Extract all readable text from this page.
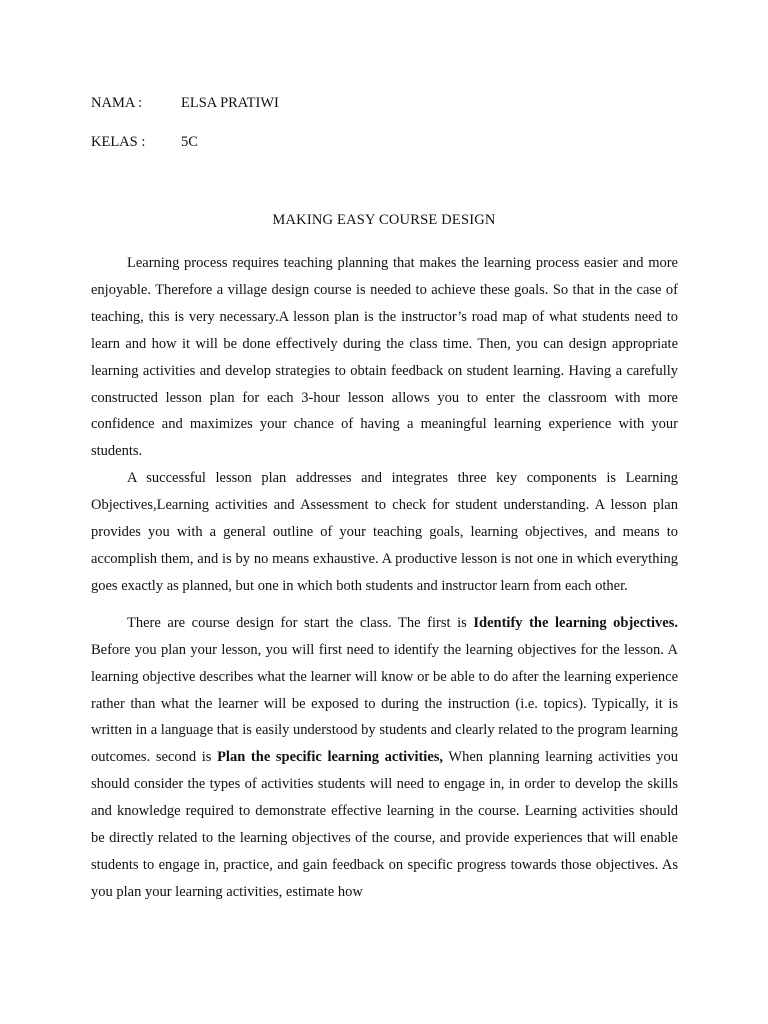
NAMA :	ELSA PRATIWI
KELAS : 5C
MAKING EASY COURSE DESIGN

Learning process requires teaching planning that makes the learning process easier and more enjoyable. Therefore a village design course is needed to achieve these goals. So that in the case of teaching, this is very necessary.A lesson plan is the instructor’s road map of what students need to learn and how it will be done effectively during the class time. Then, you can design appropriate learning activities and develop strategies to obtain feedback on student learning. Having a carefully constructed lesson plan for each 3-hour lesson allows you to enter the classroom with more confidence and maximizes your chance of having a meaningful learning experience with your students.

A successful lesson plan addresses and integrates three key components is Learning Objectives,Learning activities and Assessment to check for student understanding. A lesson plan provides you with a general outline of your teaching goals, learning objectives, and means to accomplish them, and is by no means exhaustive. A productive lesson is not one in which everything goes exactly as planned, but one in which both students and instructor learn from each other.

There are course design for start the class. The first is Identify the learning objectives. Before you plan your lesson, you will first need to identify the learning objectives for the lesson. A learning objective describes what the learner will know or be able to do after the learning experience rather than what the learner will be exposed to during the instruction (i.e. topics). Typically, it is written in a language that is easily understood by students and clearly related to the program learning outcomes. second is Plan the specific learning activities, When planning learning activities you should consider the types of activities students will need to engage in, in order to develop the skills and knowledge required to demonstrate effective learning in the course. Learning activities should be directly related to the learning objectives of the course, and provide experiences that will enable students to engage in, practice, and gain feedback on specific progress towards those objectives. As you plan your learning activities, estimate how
